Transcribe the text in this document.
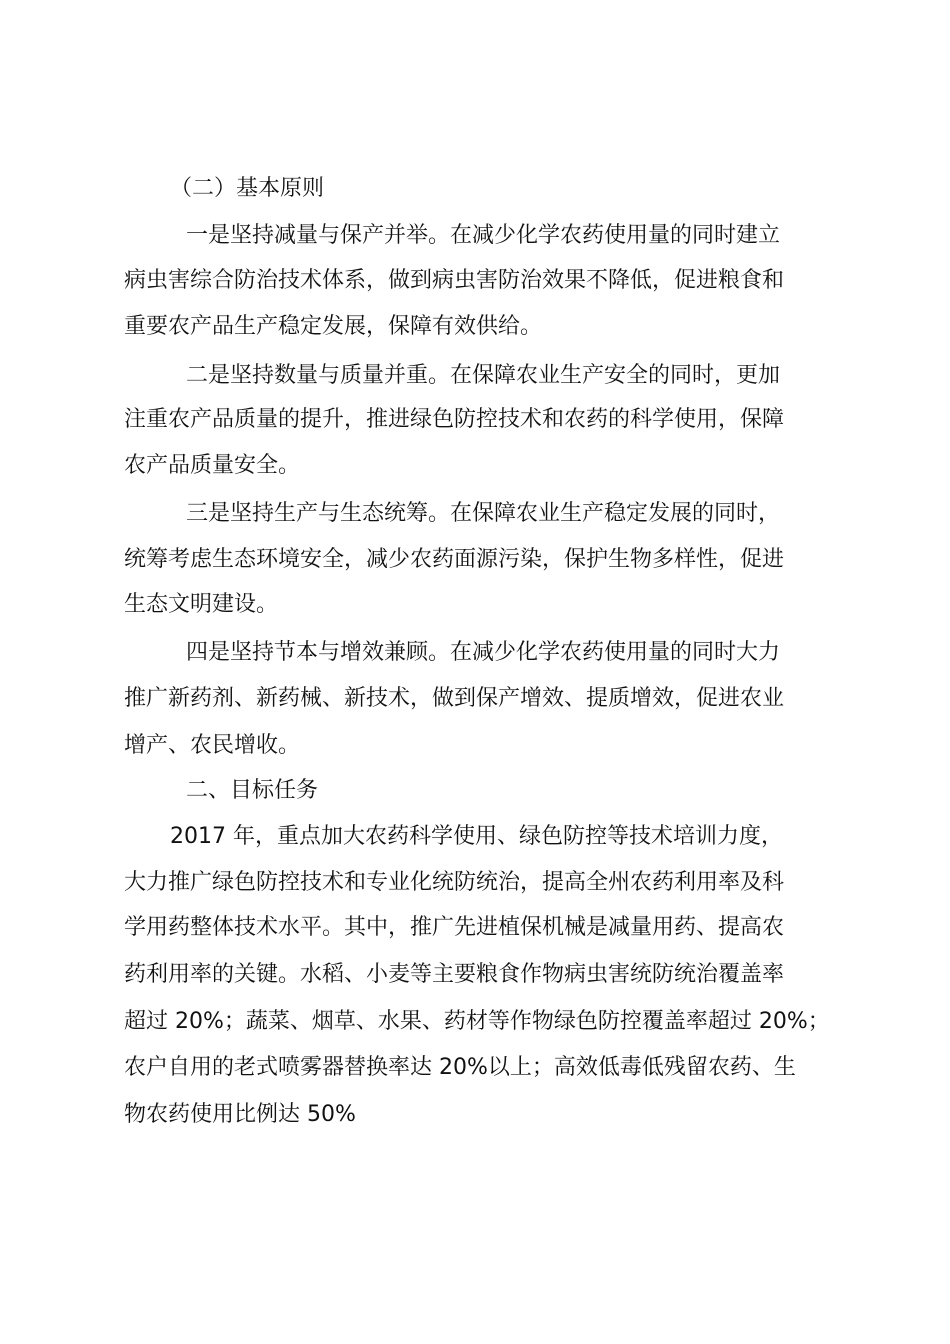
（二）基本原则
一是坚持减量与保产并举。在减少化学农药使用量的同时建立
病虫害综合防治技术体系，做到病虫害防治效果不降低，促进粮食和
重要农产品生产稳定发展，保障有效供给。
二是坚持数量与质量并重。在保障农业生产安全的同时，更加
注重农产品质量的提升，推进绿色防控技术和农药的科学使用，保障
农产品质量安全。
三是坚持生产与生态统筹。在保障农业生产稳定发展的同时，
统筹考虑生态环境安全，减少农药面源污染，保护生物多样性，促进
生态文明建设。
四是坚持节本与增效兼顾。在减少化学农药使用量的同时大力
推广新药剂、新药械、新技术，做到保产增效、提质增效，促进农业
增产、农民增收。
二、目标任务
2017 年，重点加大农药科学使用、绿色防控等技术培训力度，
大力推广绿色防控技术和专业化统防统治，提高全州农药利用率及科
学用药整体技术水平。其中，推广先进植保机械是减量用药、提高农
药利用率的关键。水稻、小麦等主要粮食作物病虫害统防统治覆盖率
超过 20%；蔬菜、烟草、水果、药材等作物绿色防控覆盖率超过 20%；
农户自用的老式喷雾器替换率达 20%以上；高效低毒低残留农药、生
物农药使用比例达 50%
